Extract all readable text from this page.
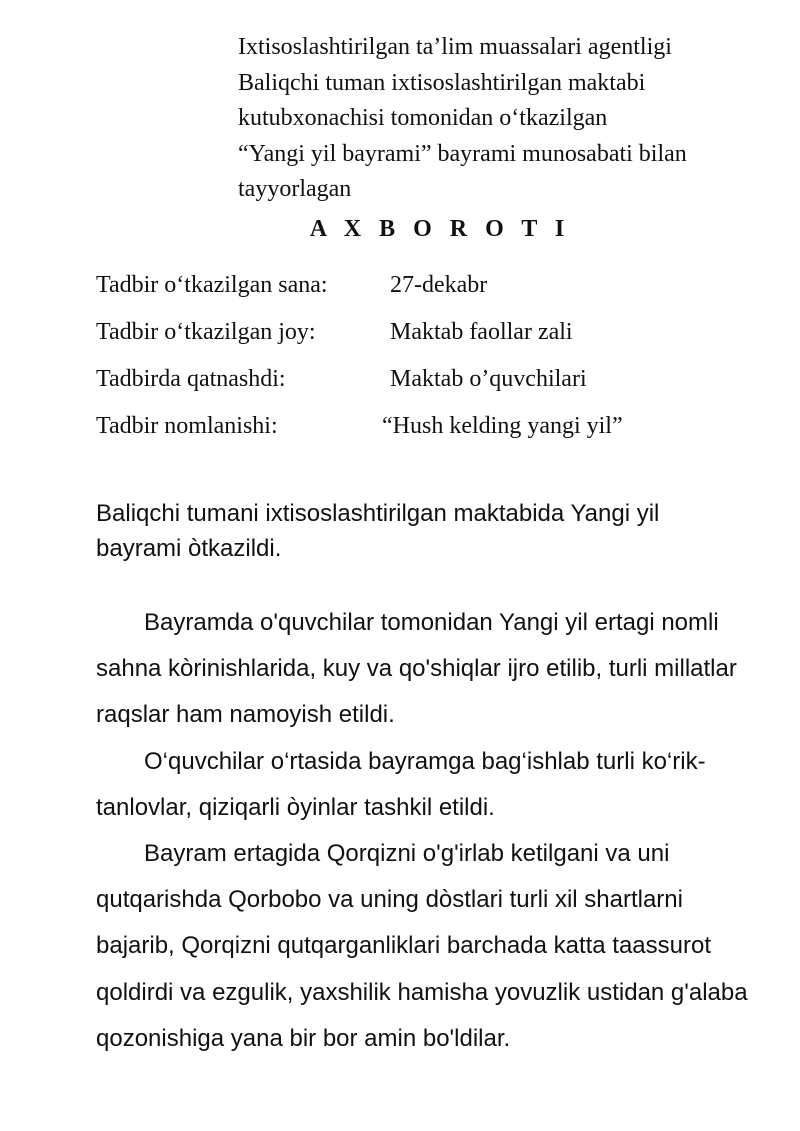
Ixtisoslashtirilgan ta’lim muassalari agentligi
Baliqchi tuman ixtisoslashtirilgan maktabi
kutubxonachisi tomonidan o‘tkazilgan
“Yangi yil bayrami” bayrami munosabati bilan
tayyorlagan
A X B O R O T I
Tadbir o‘tkazilgan sana:	27-dekabr
Tadbir o‘tkazilgan joy:	Maktab faollar zali
Tadbirda qatnashdi:	Maktab o’quvchilari
Tadbir nomlanishi:	“Hush kelding yangi yil”
Baliqchi tumani ixtisoslashtirilgan maktabida Yangi yil
bayrami òtkazildi.
Bayramda o'quvchilar tomonidan Yangi yil ertagi nomli
sahna kòrinishlarida, kuy va qo'shiqlar ijro etilib, turli millatlar
raqslar ham namoyish etildi.
O‘quvchilar o‘rtasida bayramga bag‘ishlab turli ko‘rik-
tanlovlar, qiziqarli òyinlar tashkil etildi.
Bayram ertagida Qorqizni o'g'irlab ketilgani va uni
qutqarishda Qorbobo va uning dòstlari turli xil shartlarni
bajarib, Qorqizni qutqarganliklari barchada katta taassurot
qoldirdi va ezgulik, yaxshilik hamisha yovuzlik ustidan g'alaba
qozonishiga yana bir bor amin bo'ldilar.
